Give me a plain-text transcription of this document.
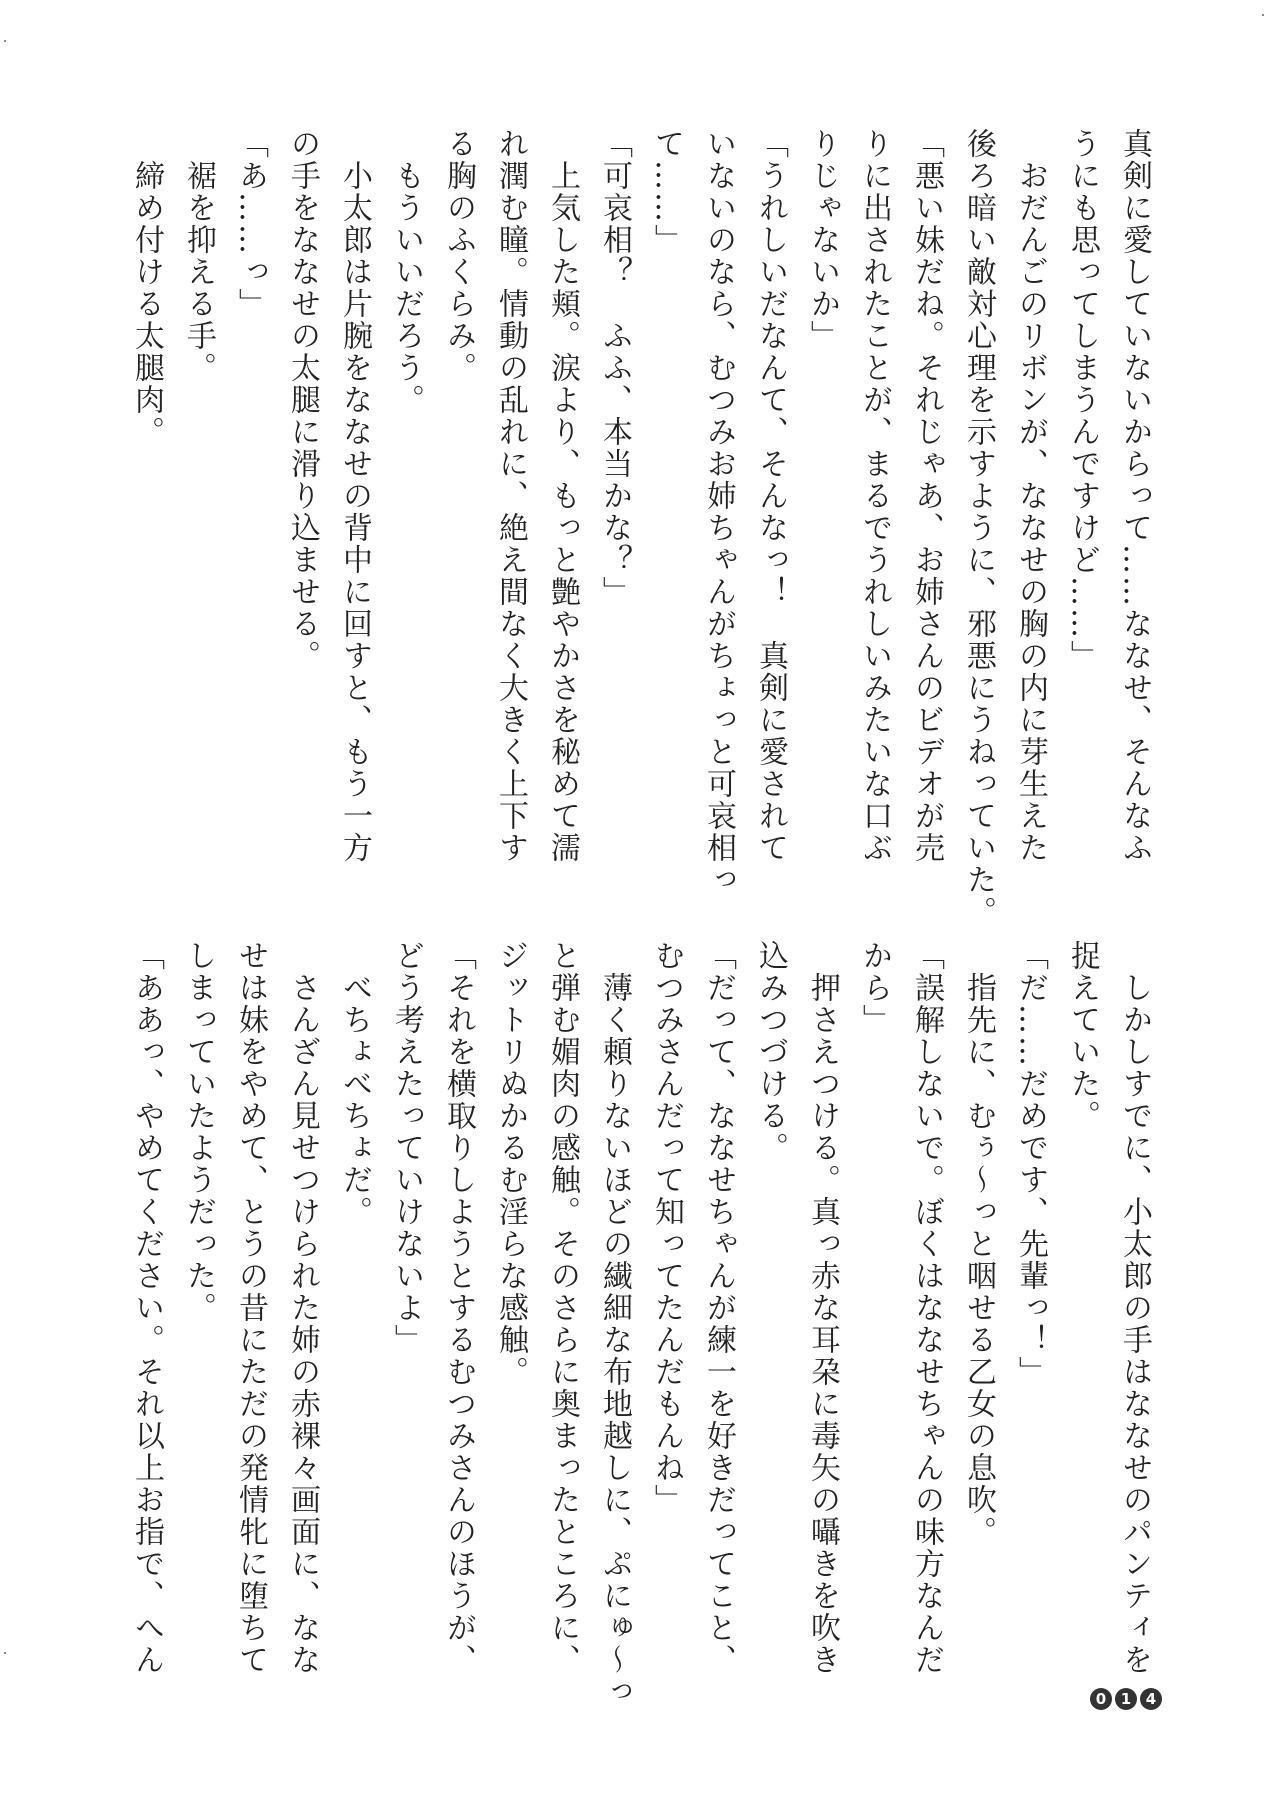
真剣に愛していないからって……ななせ、そんなふ
うにも思ってしまうんですけど……」
　おだんごのリボンが、ななせの胸の内に芽生えた
後ろ暗い敵対心理を示すように、邪悪にうねっていた。
「悪い妹だね。それじゃあ、お姉さんのビデオが売
りに出されたことが、まるでうれしいみたいな口ぶ
りじゃないか」
「うれしいだなんて、そんなっ！　真剣に愛されて
いないのなら、むつみお姉ちゃんがちょっと可哀相っ
て……」
「可哀相？　ふふ、本当かな？」
　上気した頬。涙より、もっと艶やかさを秘めて濡
れ潤む瞳。情動の乱れに、絶え間なく大きく上下す
る胸のふくらみ。
　もういいだろう。
　小太郎は片腕をななせの背中に回すと、もう一方
の手をななせの太腿に滑り込ませる。
「あ……っ」
　裾を抑える手。
　締め付ける太腿肉。
　しかしすでに、小太郎の手はななせのパンティを
捉えていた。
「だ……だめです、先輩っ！」
　指先に、むぅ〜っと咽せる乙女の息吹。
「誤解しないで。ぼくはななせちゃんの味方なんだ
から」
　押さえつける。真っ赤な耳朶に毒矢の囁きを吹き
込みつづける。
「だって、ななせちゃんが練一を好きだってこと、
むつみさんだって知ってたんだもんね」
　薄く頼りないほどの繊細な布地越しに、ぷにゅ〜っ
と弾む媚肉の感触。そのさらに奥まったところに、
ジットリぬかるむ淫らな感触。
「それを横取りしようとするむつみさんのほうが、
どう考えたっていけないよ」
　べちょべちょだ。
　さんざん見せつけられた姉の赤裸々画面に、なな
せは妹をやめて、とうの昔にただの発情牝に堕ちて
しまっていたようだった。
「ああっ、やめてください。それ以上お指で、へん
0 1 4
